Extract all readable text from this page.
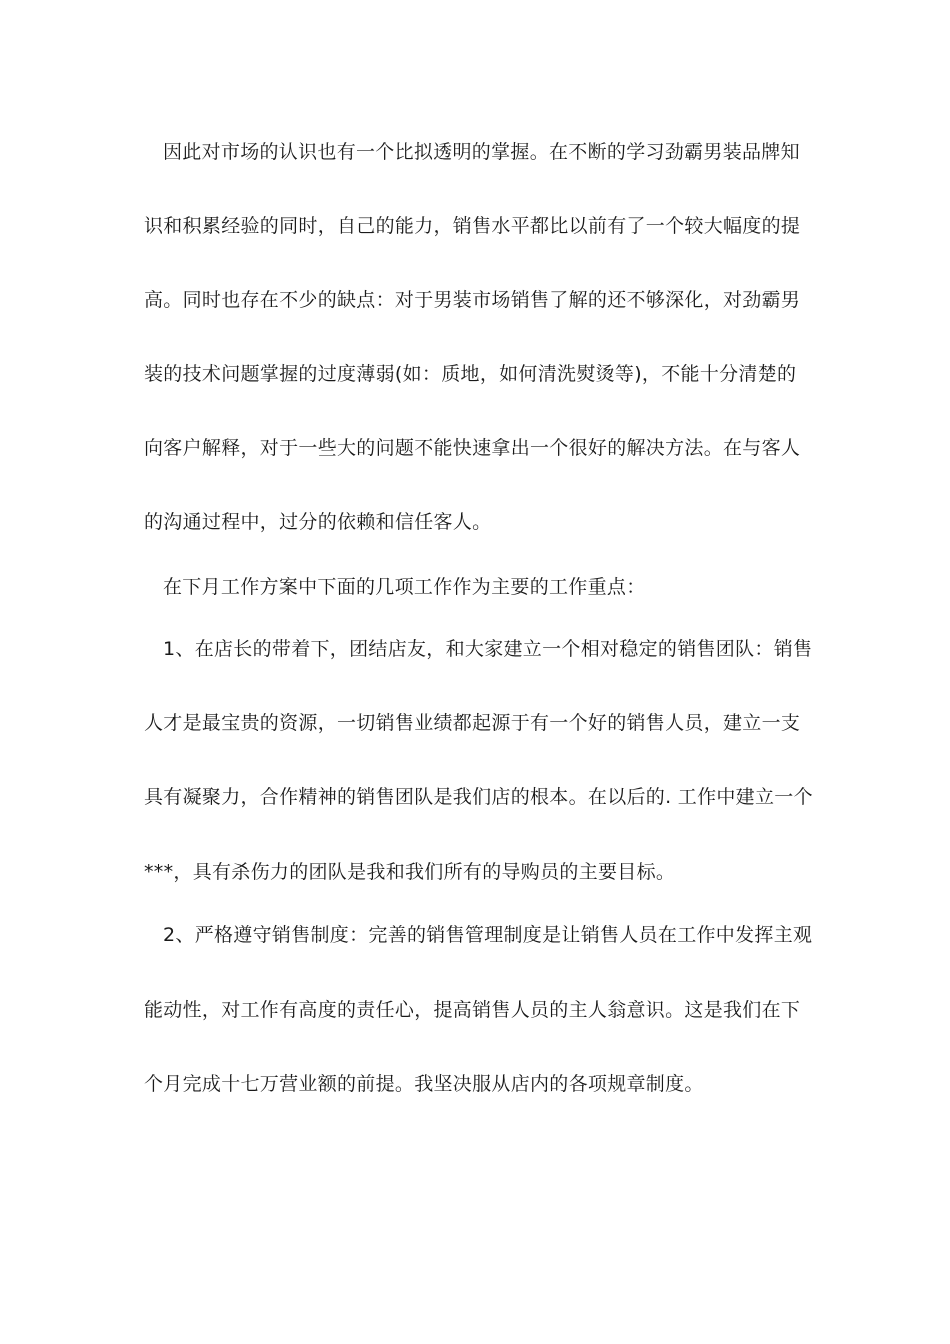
因此对市场的认识也有一个比拟透明的掌握。在不断的学习劲霸男装品牌知
识和积累经验的同时，自己的能力，销售水平都比以前有了一个较大幅度的提
高。同时也存在不少的缺点：对于男装市场销售了解的还不够深化，对劲霸男
装的技术问题掌握的过度薄弱(如：质地，如何清洗熨烫等)，不能十分清楚的
向客户解释，对于一些大的问题不能快速拿出一个很好的解决方法。在与客人
的沟通过程中，过分的依赖和信任客人。
在下月工作方案中下面的几项工作作为主要的工作重点：
1、在店长的带着下，团结店友，和大家建立一个相对稳定的销售团队：销售
人才是最宝贵的资源，一切销售业绩都起源于有一个好的销售人员，建立一支
具有凝聚力，合作精神的销售团队是我们店的根本。在以后的. 工作中建立一个
***，具有杀伤力的团队是我和我们所有的导购员的主要目标。
2、严格遵守销售制度：完善的销售管理制度是让销售人员在工作中发挥主观
能动性，对工作有高度的责任心，提高销售人员的主人翁意识。这是我们在下
个月完成十七万营业额的前提。我坚决服从店内的各项规章制度。
